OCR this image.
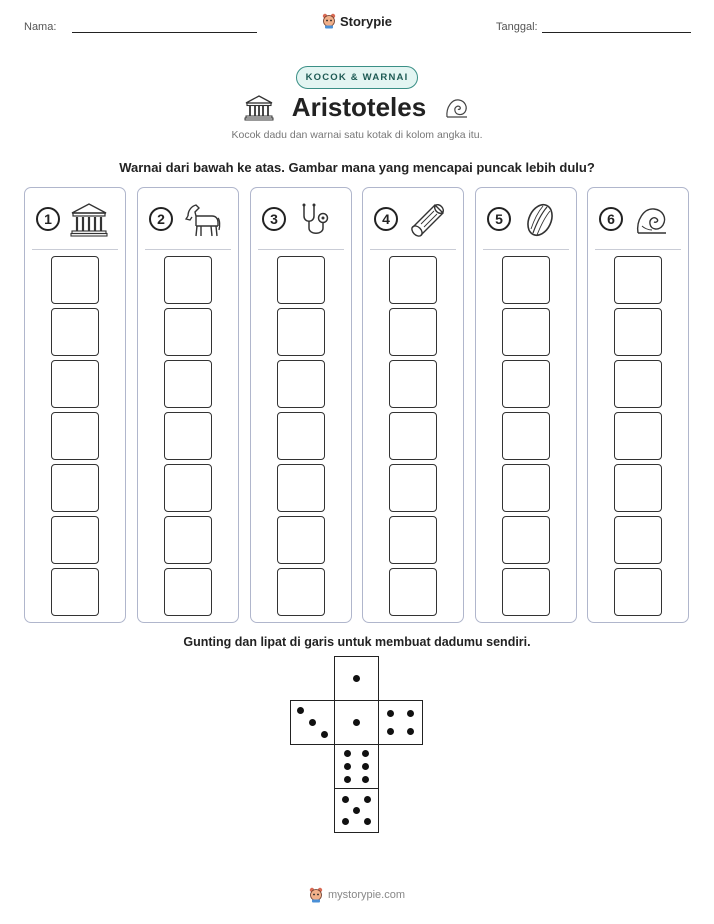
Nama:	Storypie	Tanggal:
KOCOK & WARNAI
Aristoteles
Kocok dadu dan warnai satu kotak di kolom angka itu.
Warnai dari bawah ke atas. Gambar mana yang mencapai puncak lebih dulu?
1	2	3	4	5	6
Gunting dan lipat di garis untuk membuat dadumu sendiri.
mystorypie.com
